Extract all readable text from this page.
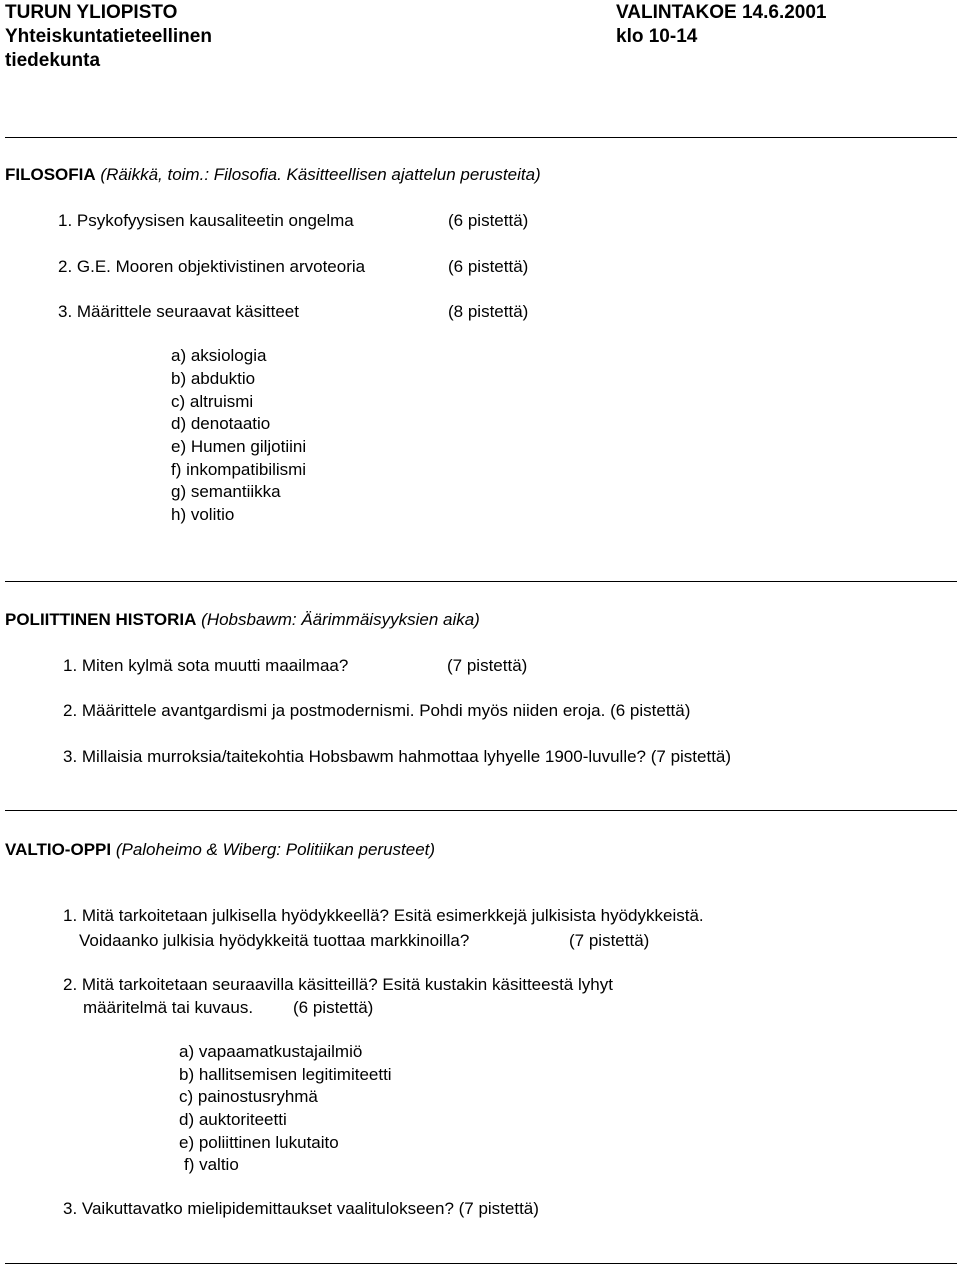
TURUN YLIOPISTO
Yhteiskuntatieteellinen
tiedekunta
VALINTAKOE 14.6.2001
klo 10-14
FILOSOFIA (Räikkä, toim.: Filosofia. Käsitteellisen ajattelun perusteita)
1. Psykofyysisen kausaliteetin ongelma	(6 pistettä)
2. G.E. Mooren objektivistinen arvoteoria	(6 pistettä)
3. Määrittele seuraavat käsitteet	(8 pistettä)
a) aksiologia
b) abduktio
c) altruismi
d) denotaatio
e) Humen giljotiini
f) inkompatibilismi
g) semantiikka
h) volitio
POLIITTINEN HISTORIA (Hobsbawm: Äärimmäisyyksien aika)
1. Miten kylmä sota muutti maailmaa?	(7 pistettä)
2. Määrittele avantgardismi ja postmodernismi. Pohdi myös niiden eroja. (6 pistettä)
3. Millaisia murroksia/taitekohtia Hobsbawm hahmottaa lyhyelle 1900-luvulle? (7 pistettä)
VALTIO-OPPI (Paloheimo & Wiberg: Politiikan perusteet)
1. Mitä tarkoitetaan julkisella hyödykkeellä? Esitä esimerkkejä julkisista hyödykkeistä.
Voidaanko julkisia hyödykkeitä tuottaa markkinoilla?	(7 pistettä)
2. Mitä tarkoitetaan seuraavilla käsitteillä? Esitä kustakin käsitteestä lyhyt
määritelmä tai kuvaus. (6 pistettä)
a) vapaamatkustajailmiö
b) hallitsemisen legitimiteetti
c) painostusryhmä
d) auktoriteetti
e) poliittinen lukutaito
f) valtio
3. Vaikuttavatko mielipidemittaukset vaalitulokseen? (7 pistettä)
